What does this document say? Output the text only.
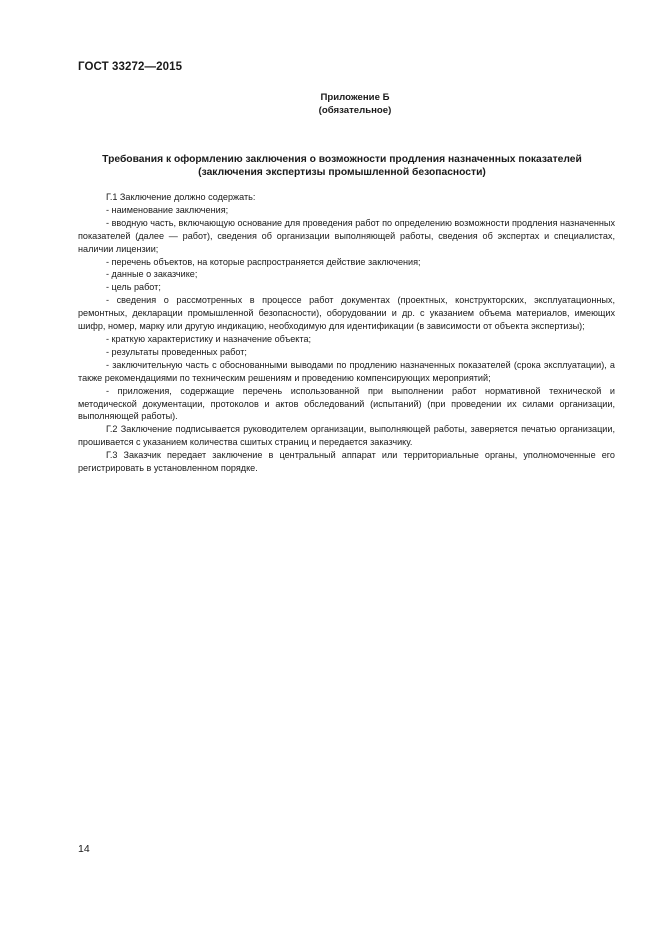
ГОСТ 33272—2015
Приложение Б
(обязательное)
Требования к оформлению заключения о возможности продления назначенных показателей
(заключения экспертизы промышленной безопасности)

Г.1 Заключение должно содержать:

- наименование заключения;

- вводную часть, включающую основание для проведения работ по определению возможности продления назначенных показателей (далее — работ), сведения об организации выполняющей работы, сведения об экспертах и специалистах, наличии лицензии;

- перечень объектов, на которые распространяется действие заключения;

- данные о заказчике;

- цель работ;

- сведения о рассмотренных в процессе работ документах (проектных, конструкторских, эксплуатационных, ремонтных, декларации промышленной безопасности), оборудовании и др. с указанием объема материалов, имеющих шифр, номер, марку или другую индикацию, необходимую для идентификации (в зависимости от объекта экспертизы);

- краткую характеристику и назначение объекта;

- результаты проведенных работ;

- заключительную часть с обоснованными выводами по продлению назначенных показателей (срока эксплуатации), а также рекомендациями по техническим решениям и проведению компенсирующих мероприятий;

- приложения, содержащие перечень использованной при выполнении работ нормативной технической и методической документации, протоколов и актов обследований (испытаний) (при проведении их силами организации, выполняющей работы).

Г.2 Заключение подписывается руководителем организации, выполняющей работы, заверяется печатью организации, прошивается с указанием количества сшитых страниц и передается заказчику.

Г.3 Заказчик передает заключение в центральный аппарат или территориальные органы, уполномоченные его регистрировать в установленном порядке.

14
